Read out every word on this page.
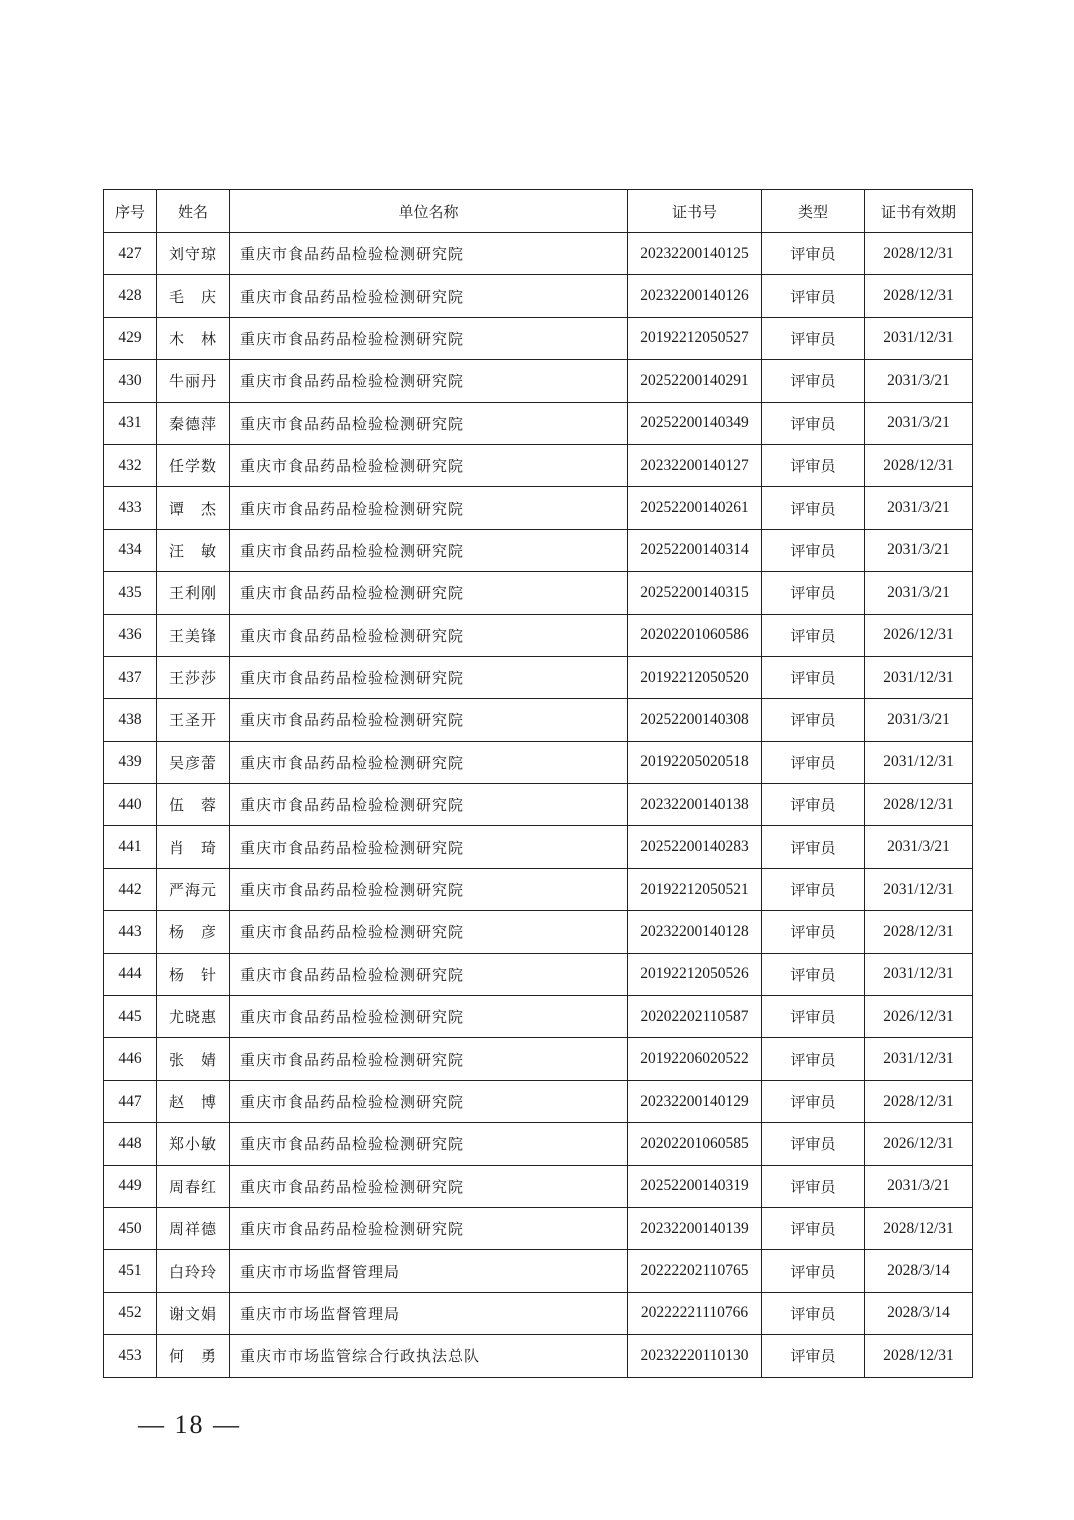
序号	姓名	单位名称	证书号	类型	证书有效期
427	刘守琼	重庆市食品药品检验检测研究院	20232200140125	评审员	2028/12/31
428	毛　庆	重庆市食品药品检验检测研究院	20232200140126	评审员	2028/12/31
429	木　林	重庆市食品药品检验检测研究院	20192212050527	评审员	2031/12/31
430	牛丽丹	重庆市食品药品检验检测研究院	20252200140291	评审员	2031/3/21
431	秦德萍	重庆市食品药品检验检测研究院	20252200140349	评审员	2031/3/21
432	任学数	重庆市食品药品检验检测研究院	20232200140127	评审员	2028/12/31
433	谭　杰	重庆市食品药品检验检测研究院	20252200140261	评审员	2031/3/21
434	汪　敏	重庆市食品药品检验检测研究院	20252200140314	评审员	2031/3/21
435	王利刚	重庆市食品药品检验检测研究院	20252200140315	评审员	2031/3/21
436	王美锋	重庆市食品药品检验检测研究院	20202201060586	评审员	2026/12/31
437	王莎莎	重庆市食品药品检验检测研究院	20192212050520	评审员	2031/12/31
438	王圣开	重庆市食品药品检验检测研究院	20252200140308	评审员	2031/3/21
439	吴彦蕾	重庆市食品药品检验检测研究院	20192205020518	评审员	2031/12/31
440	伍　蓉	重庆市食品药品检验检测研究院	20232200140138	评审员	2028/12/31
441	肖　琦	重庆市食品药品检验检测研究院	20252200140283	评审员	2031/3/21
442	严海元	重庆市食品药品检验检测研究院	20192212050521	评审员	2031/12/31
443	杨　彦	重庆市食品药品检验检测研究院	20232200140128	评审员	2028/12/31
444	杨　针	重庆市食品药品检验检测研究院	20192212050526	评审员	2031/12/31
445	尤晓惠	重庆市食品药品检验检测研究院	20202202110587	评审员	2026/12/31
446	张　婧	重庆市食品药品检验检测研究院	20192206020522	评审员	2031/12/31
447	赵　博	重庆市食品药品检验检测研究院	20232200140129	评审员	2028/12/31
448	郑小敏	重庆市食品药品检验检测研究院	20202201060585	评审员	2026/12/31
449	周春红	重庆市食品药品检验检测研究院	20252200140319	评审员	2031/3/21
450	周祥德	重庆市食品药品检验检测研究院	20232200140139	评审员	2028/12/31
451	白玲玲	重庆市市场监督管理局	20222202110765	评审员	2028/3/14
452	谢文娟	重庆市市场监督管理局	20222221110766	评审员	2028/3/14
453	何　勇	重庆市市场监管综合行政执法总队	20232220110130	评审员	2028/12/31
— 18 —
